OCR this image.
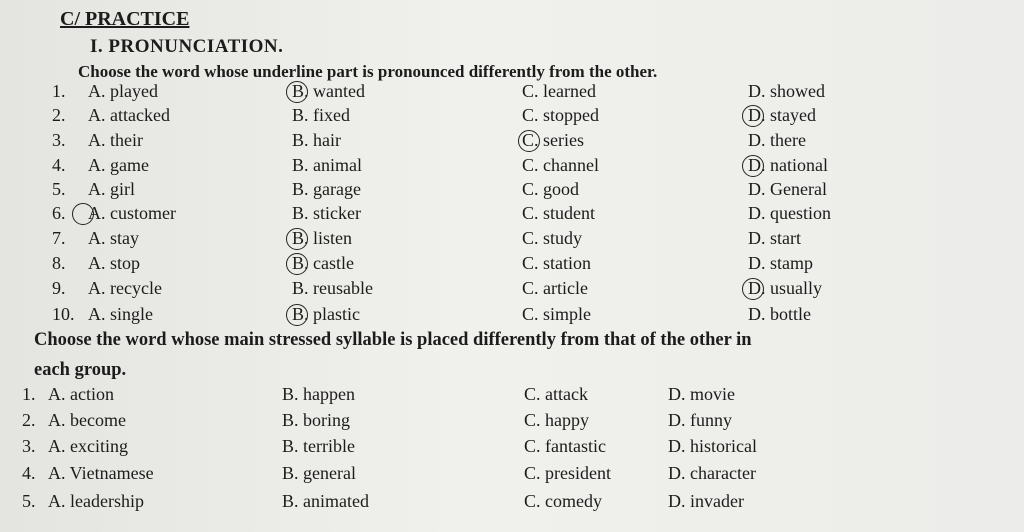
C/ PRACTICE
I. PRONUNCIATION.
Choose the word whose underline part is pronounced differently from the other.
1. A. played	B. wanted	C. learned	D. showed
2. A. attacked	B. fixed	C. stopped	D. stayed
3. A. their	B. hair	C. series	D. there
4. A. game	B. animal	C. channel	D. national
5. A. girl	B. garage	C. good	D. General
6. A. customer	B. sticker	C. student	D. question
7. A. stay	B. listen	C. study	D. start
8. A. stop	B. castle	C. station	D. stamp
9. A. recycle	B. reusable	C. article	D. usually
10. A. single	B. plastic	C. simple	D. bottle
Choose the word whose main stressed syllable is placed differently from that of the other in
each group.
1. A. action	B. happen	C. attack	D. movie
2. A. become	B. boring	C. happy	D. funny
3. A. exciting	B. terrible	C. fantastic	D. historical
4. A. Vietnamese	B. general	C. president	D. character
5. A. leadership	B. animated	C. comedy	D. invader
